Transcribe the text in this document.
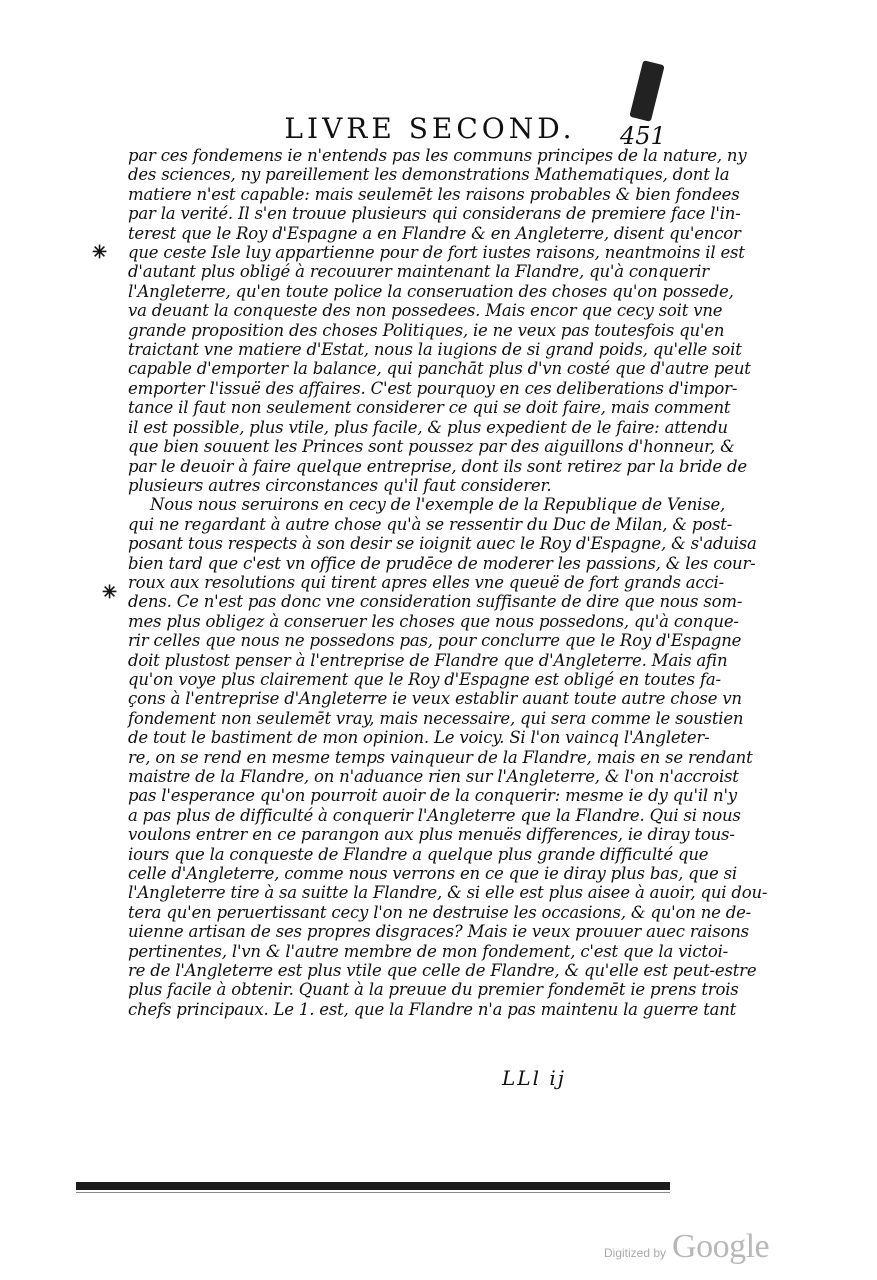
LIVRE SECOND.	451
✳
✳
par ces fondemens ie n'entends pas les communs principes de la nature, ny
des sciences, ny pareillement les demonstrations Mathematiques, dont la
matiere n'est capable: mais seulemēt les raisons probables & bien fondees
par la verité. Il s'en trouue plusieurs qui considerans de premiere face l'in-
terest que le Roy d'Espagne a en Flandre & en Angleterre, disent qu'encor
que ceste Isle luy appartienne pour de fort iustes raisons, neantmoins il est
d'autant plus obligé à recouurer maintenant la Flandre, qu'à conquerir
l'Angleterre, qu'en toute police la conseruation des choses qu'on possede,
va deuant la conqueste des non possedees. Mais encor que cecy soit vne
grande proposition des choses Politiques, ie ne veux pas toutesfois qu'en
traictant vne matiere d'Estat, nous la iugions de si grand poids, qu'elle soit
capable d'emporter la balance, qui panchāt plus d'vn costé que d'autre peut
emporter l'issuë des affaires. C'est pourquoy en ces deliberations d'impor-
tance il faut non seulement considerer ce qui se doit faire, mais comment
il est possible, plus vtile, plus facile, & plus expedient de le faire: attendu
que bien souuent les Princes sont poussez par des aiguillons d'honneur, &
par le deuoir à faire quelque entreprise, dont ils sont retirez par la bride de
plusieurs autres circonstances qu'il faut considerer.
Nous nous seruirons en cecy de l'exemple de la Republique de Venise,
qui ne regardant à autre chose qu'à se ressentir du Duc de Milan, & post-
posant tous respects à son desir se ioignit auec le Roy d'Espagne, & s'aduisa
bien tard que c'est vn office de prudēce de moderer les passions, & les cour-
roux aux resolutions qui tirent apres elles vne queuë de fort grands acci-
dens. Ce n'est pas donc vne consideration suffisante de dire que nous som-
mes plus obligez à conseruer les choses que nous possedons, qu'à conque-
rir celles que nous ne possedons pas, pour conclurre que le Roy d'Espagne
doit plustost penser à l'entreprise de Flandre que d'Angleterre. Mais afin
qu'on voye plus clairement que le Roy d'Espagne est obligé en toutes fa-
çons à l'entreprise d'Angleterre ie veux establir auant toute autre chose vn
fondement non seulemēt vray, mais necessaire, qui sera comme le soustien
de tout le bastiment de mon opinion. Le voicy. Si l'on vaincq l'Angleter-
re, on se rend en mesme temps vainqueur de la Flandre, mais en se rendant
maistre de la Flandre, on n'aduance rien sur l'Angleterre, & l'on n'accroist
pas l'esperance qu'on pourroit auoir de la conquerir: mesme ie dy qu'il n'y
a pas plus de difficulté à conquerir l'Angleterre que la Flandre. Qui si nous
voulons entrer en ce parangon aux plus menuës differences, ie diray tous-
iours que la conqueste de Flandre a quelque plus grande difficulté que
celle d'Angleterre, comme nous verrons en ce que ie diray plus bas, que si
l'Angleterre tire à sa suitte la Flandre, & si elle est plus aisee à auoir, qui dou-
tera qu'en peruertissant cecy l'on ne destruise les occasions, & qu'on ne de-
uienne artisan de ses propres disgraces? Mais ie veux prouuer auec raisons
pertinentes, l'vn & l'autre membre de mon fondement, c'est que la victoi-
re de l'Angleterre est plus vtile que celle de Flandre, & qu'elle est peut-estre
plus facile à obtenir. Quant à la preuue du premier fondemēt ie prens trois
chefs principaux. Le 1. est, que la Flandre n'a pas maintenu la guerre tant
LLl ij
Digitized by Google
